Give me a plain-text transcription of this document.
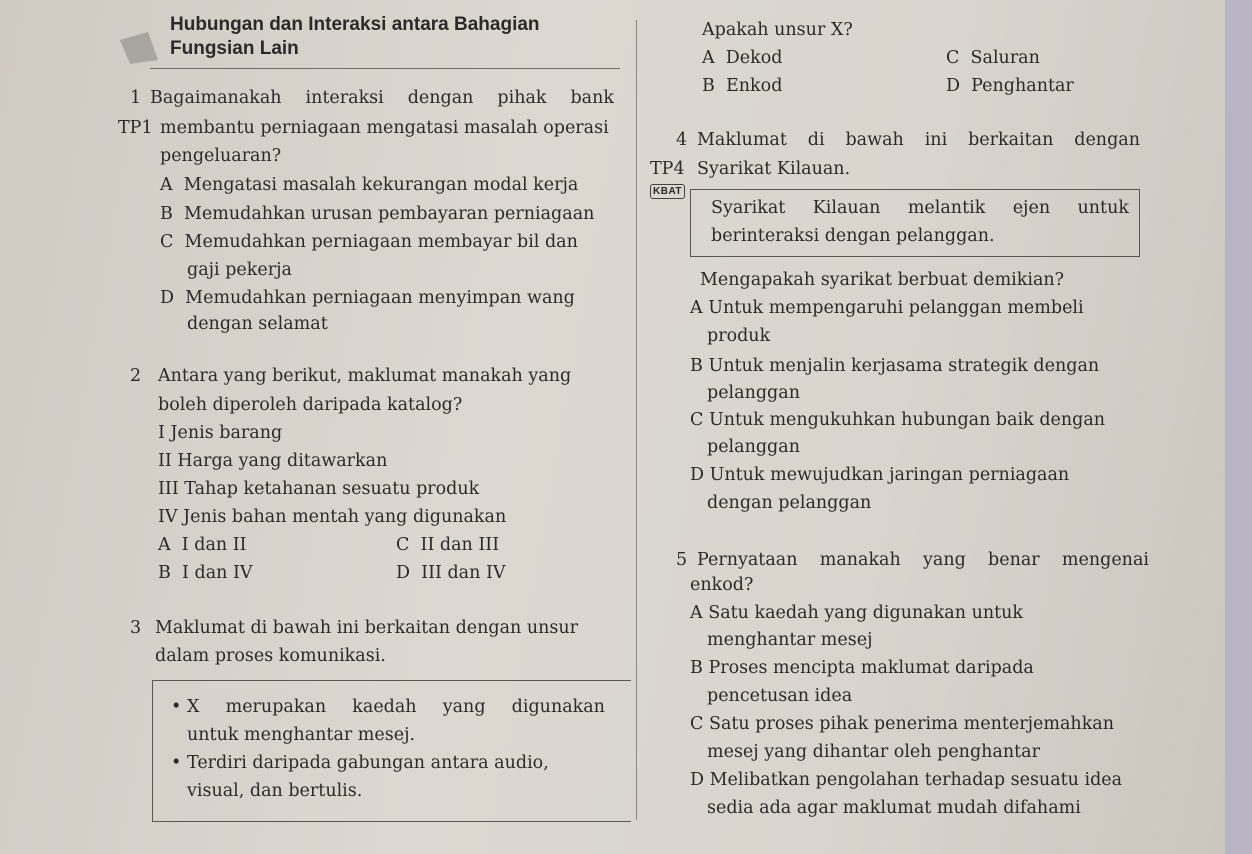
Hubungan dan Interaksi antara Bahagian
Fungsian Lain
1 Bagaimanakah interaksi dengan pihak bank
TP1 membantu perniagaan mengatasi masalah operasi
pengeluaran?
A Mengatasi masalah kekurangan modal kerja
B Memudahkan urusan pembayaran perniagaan
C Memudahkan perniagaan membayar bil dan
gaji pekerja
D Memudahkan perniagaan menyimpan wang
dengan selamat
2 Antara yang berikut, maklumat manakah yang
boleh diperoleh daripada katalog?
I Jenis barang
II Harga yang ditawarkan
III Tahap ketahanan sesuatu produk
IV Jenis bahan mentah yang digunakan
A I dan II	C II dan III
B I dan IV	D III dan IV
3 Maklumat di bawah ini berkaitan dengan unsur
dalam proses komunikasi.
• X merupakan kaedah yang digunakan
untuk menghantar mesej.
• Terdiri daripada gabungan antara audio,
visual, dan bertulis.
Apakah unsur X?
A Dekod	C Saluran
B Enkod	D Penghantar
4 Maklumat di bawah ini berkaitan dengan
TP4 Syarikat Kilauan.
KBAT
Syarikat Kilauan melantik ejen untuk
berinteraksi dengan pelanggan.
Mengapakah syarikat berbuat demikian?
A Untuk mempengaruhi pelanggan membeli
produk
B Untuk menjalin kerjasama strategik dengan
pelanggan
C Untuk mengukuhkan hubungan baik dengan
pelanggan
D Untuk mewujudkan jaringan perniagaan
dengan pelanggan
5 Pernyataan manakah yang benar mengenai
enkod?
A Satu kaedah yang digunakan untuk
menghantar mesej
B Proses mencipta maklumat daripada
pencetusan idea
C Satu proses pihak penerima menterjemahkan
mesej yang dihantar oleh penghantar
D Melibatkan pengolahan terhadap sesuatu idea
sedia ada agar maklumat mudah difahami
